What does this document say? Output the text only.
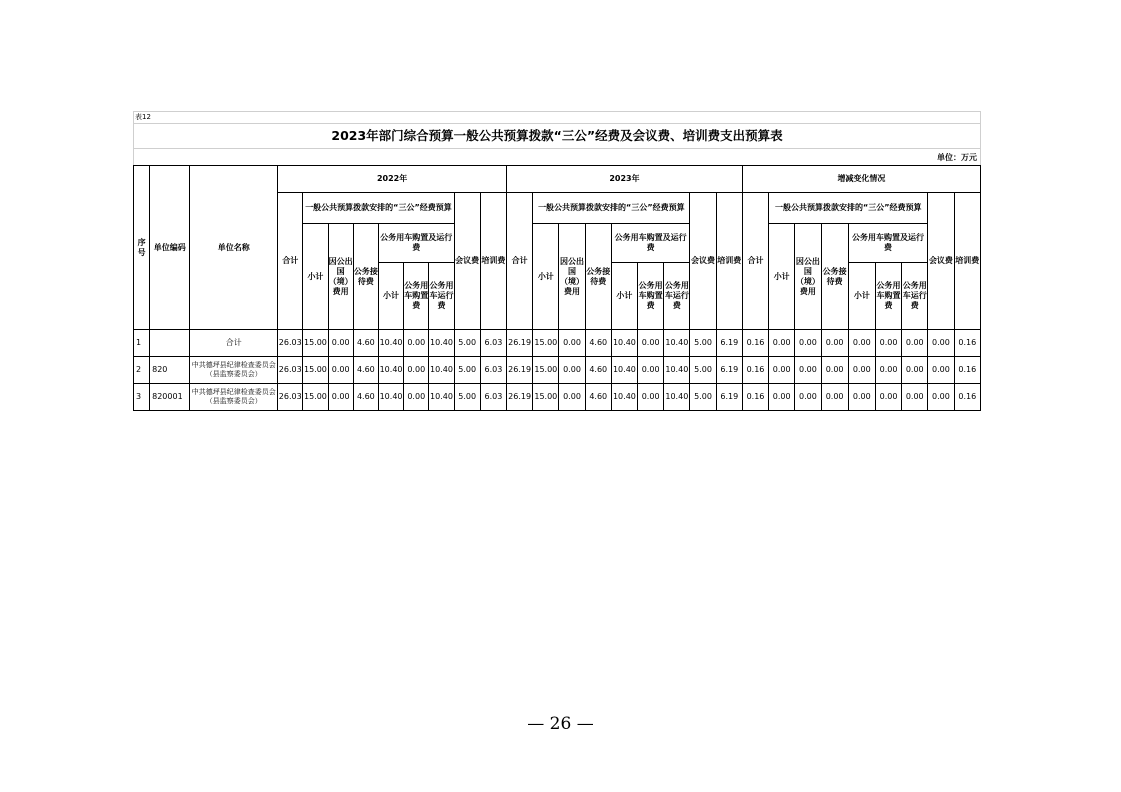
表12
2023年部门综合预算一般公共预算拨款“三公”经费及会议费、培训费支出预算表
单位：万元
序号	单位编码	单位名称	2022年									2023年									增减变化情况								
			合计	一般公共预算拨款安排的“三公”经费预算						会议费	培训费	合计	一般公共预算拨款安排的“三公”经费预算						会议费	培训费	合计	一般公共预算拨款安排的“三公”经费预算						会议费	培训费
				小计	因公出国（境）费用	公务接待费	公务用车购置及运行费						小计	因公出国（境）费用	公务接待费	公务用车购置及运行费						小计	因公出国（境）费用	公务接待费	公务用车购置及运行费				
							小计	公务用车购置费	公务用车运行费							小计	公务用车购置费	公务用车运行费							小计	公务用车购置费	公务用车运行费		
1		合计	26.03	15.00	0.00	4.60	10.40	0.00	10.40	5.00	6.03	26.19	15.00	0.00	4.60	10.40	0.00	10.40	5.00	6.19	0.16	0.00	0.00	0.00	0.00	0.00	0.00	0.00	0.16
2	820	中共德坪县纪律检查委员会（县监察委员会）	26.03	15.00	0.00	4.60	10.40	0.00	10.40	5.00	6.03	26.19	15.00	0.00	4.60	10.40	0.00	10.40	5.00	6.19	0.16	0.00	0.00	0.00	0.00	0.00	0.00	0.00	0.16
3	820001	中共德坪县纪律检查委员会（县监察委员会）	26.03	15.00	0.00	4.60	10.40	0.00	10.40	5.00	6.03	26.19	15.00	0.00	4.60	10.40	0.00	10.40	5.00	6.19	0.16	0.00	0.00	0.00	0.00	0.00	0.00	0.00	0.16
— 26 —
